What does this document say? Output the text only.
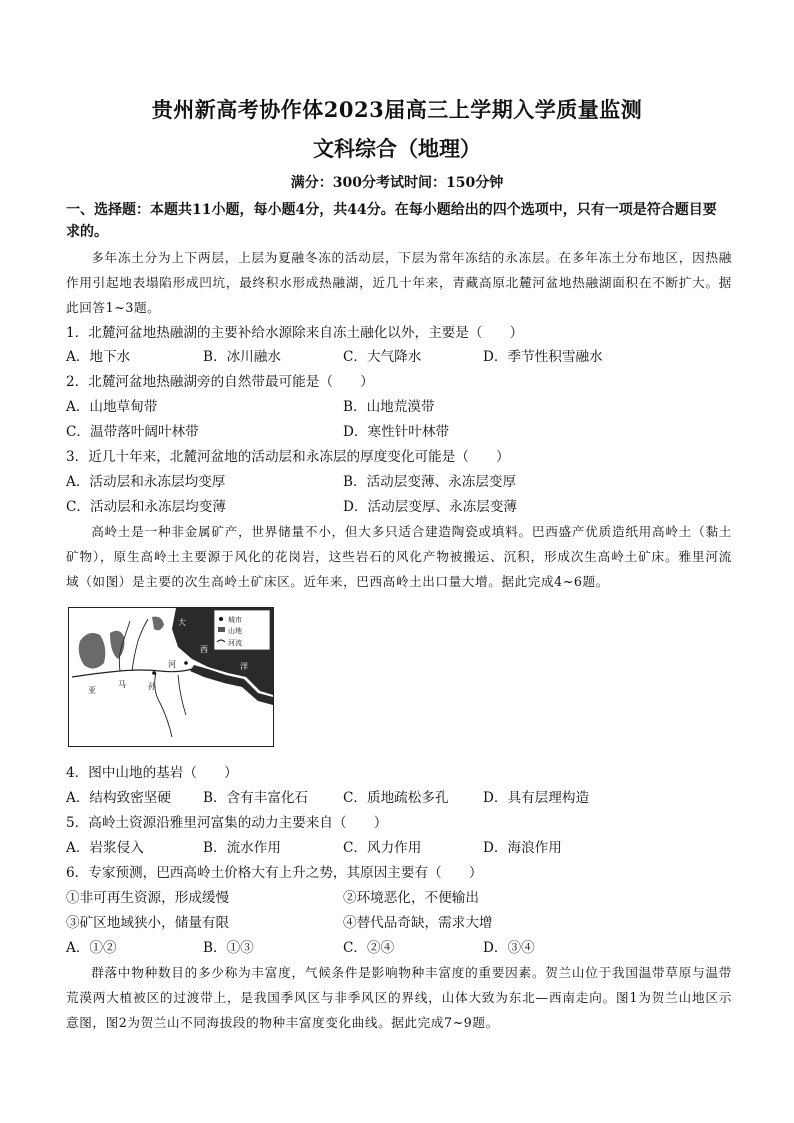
贵州新高考协作体2023届高三上学期入学质量监测
文科综合（地理）
满分：300分考试时间：150分钟
一、选择题：本题共11小题，每小题4分，共44分。在每小题给出的四个选项中，只有一项是符合题目要
求的。
多年冻土分为上下两层，上层为夏融冬冻的活动层，下层为常年冻结的永冻层。在多年冻土分布地区，因热融作用引起地表塌陷形成凹坑，最终积水形成热融湖，近几十年来，青藏高原北麓河盆地热融湖面积在不断扩大。据此回答1~3题。
1．北麓河盆地热融湖的主要补给水源除来自冻土融化以外，主要是（　　）
A．地下水	B．冰川融水	C．大气降水	D．季节性积雪融水
2．北麓河盆地热融湖旁的自然带最可能是（　　）
A．山地草甸带	B．山地荒漠带
C．温带落叶阔叶林带	D．寒性针叶林带
3．近几十年来，北麓河盆地的活动层和永冻层的厚度变化可能是（　　）
A．活动层和永冻层均变厚	B．活动层变薄、永冻层变厚
C．活动层和永冻层均变薄	D．活动层变厚、永冻层变薄
高岭土是一种非金属矿产，世界储量不小，但大多只适合建造陶瓷或填料。巴西盛产优质造纸用高岭土（黏土矿物），原生高岭土主要源于风化的花岗岩，这些岩石的风化产物被搬运、沉积，形成次生高岭土矿床。雅里河流域（如图）是主要的次生高岭土矿床区。近年来，巴西高岭土出口量大增。据此完成4~6题。
城市
山地
河流
大
西
洋
河
亚
马	孙
4．图中山地的基岩（　　）
A．结构致密坚硬 B．含有丰富化石	C．质地疏松多孔	D．具有层理构造
5．高岭土资源沿雅里河富集的动力主要来自（　　）
A．岩浆侵入	B．流水作用	C．风力作用	D．海浪作用
6．专家预测，巴西高岭土价格大有上升之势，其原因主要有（　　）
①非可再生资源，形成缓慢	②环境恶化，不便输出
③矿区地域狭小，储量有限	④替代品奇缺，需求大增
A．①②	B．①③	C．②④	D．③④
群落中物种数目的多少称为丰富度，气候条件是影响物种丰富度的重要因素。贺兰山位于我国温带草原与温带荒漠两大植被区的过渡带上，是我国季风区与非季风区的界线，山体大致为东北—西南走向。图1为贺兰山地区示意图，图2为贺兰山不同海拔段的物种丰富度变化曲线。据此完成7~9题。
